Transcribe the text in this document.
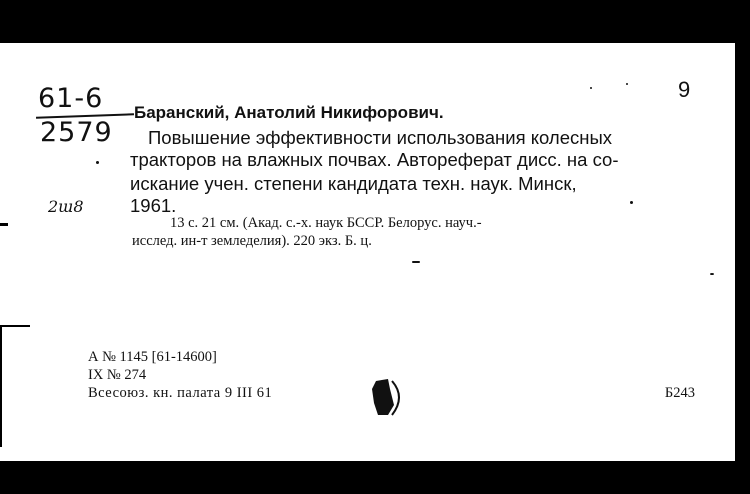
9
61-6
2579
2ա8
Баранский, Анатолий Никифорович.
Повышение эффективности использования колесных
тракторов на влажных почвах. Автореферат дисс. на со-
искание учен. степени кандидата техн. наук. Минск,
1961.
13 с. 21 см. (Акад. с.-х. наук БССР. Белорус. науч.-
исслед. ин-т земледелия). 220 экз. Б. ц.
А № 1145 [61-14600]
IX № 274
Всесоюз. кн. палата 9 III 61	Б243
